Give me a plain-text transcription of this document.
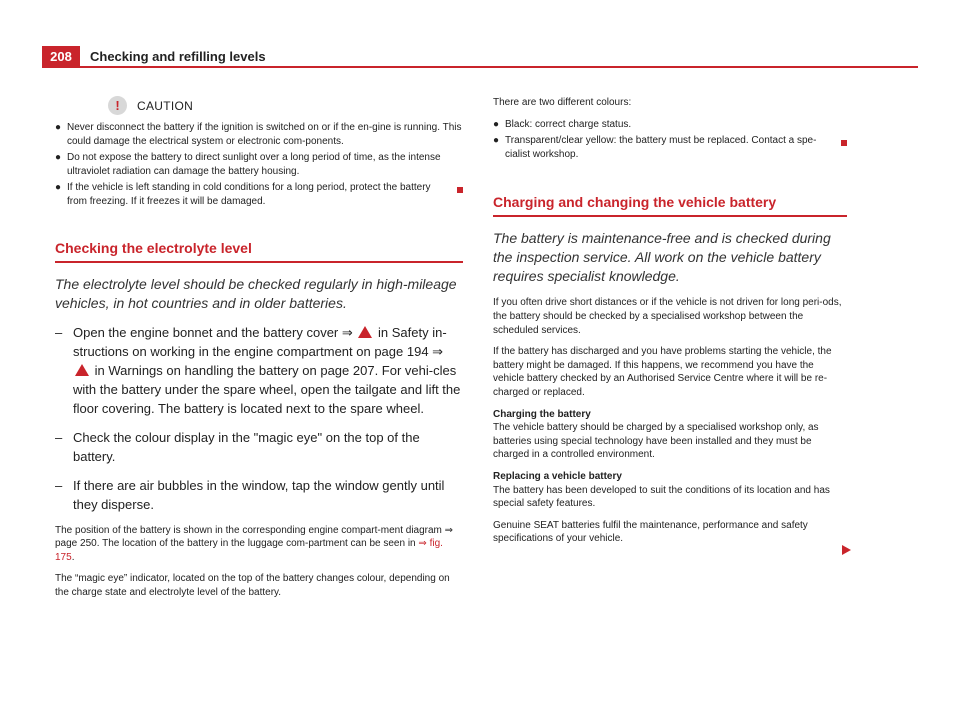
208	Checking and refilling levels
!	CAUTION
● Never disconnect the battery if the ignition is switched on or if the en-gine is running. This could damage the electrical system or electronic com-ponents.
● Do not expose the battery to direct sunlight over a long period of time, as the intense ultraviolet radiation can damage the battery housing.
● If the vehicle is left standing in cold conditions for a long period, protect the battery from freezing. If it freezes it will be damaged.
Checking the electrolyte level
The electrolyte level should be checked regularly in high-mileage vehicles, in hot countries and in older batteries.
– Open the engine bonnet and the battery cover ⇒ in Safety in-structions on working in the engine compartment on page 194 ⇒  in Warnings on handling the battery on page 207. For vehi-cles with the battery under the spare wheel, open the tailgate and lift the floor covering. The battery is located next to the spare wheel.
– Check the colour display in the "magic eye" on the top of the battery.
– If there are air bubbles in the window, tap the window gently until they disperse.
The position of the battery is shown in the corresponding engine compart-ment diagram ⇒ page 250. The location of the battery in the luggage com-partment can be seen in ⇒ fig. 175.
The “magic eye” indicator, located on the top of the battery changes colour, depending on the charge state and electrolyte level of the battery.
There are two different colours:
● Black: correct charge status.
● Transparent/clear yellow: the battery must be replaced. Contact a spe-cialist workshop.
Charging and changing the vehicle battery
The battery is maintenance-free and is checked during the inspection service. All work on the vehicle battery requires specialist knowledge.
If you often drive short distances or if the vehicle is not driven for long peri-ods, the battery should be checked by a specialised workshop between the scheduled services.
If the battery has discharged and you have problems starting the vehicle, the battery might be damaged. If this happens, we recommend you have the vehicle battery checked by an Authorised Service Centre where it will be re-charged or replaced.
Charging the battery
The vehicle battery should be charged by a specialised workshop only, as batteries using special technology have been installed and they must be charged in a controlled environment.
Replacing a vehicle battery
The battery has been developed to suit the conditions of its location and has special safety features.
Genuine SEAT batteries fulfil the maintenance, performance and safety specifications of your vehicle.
